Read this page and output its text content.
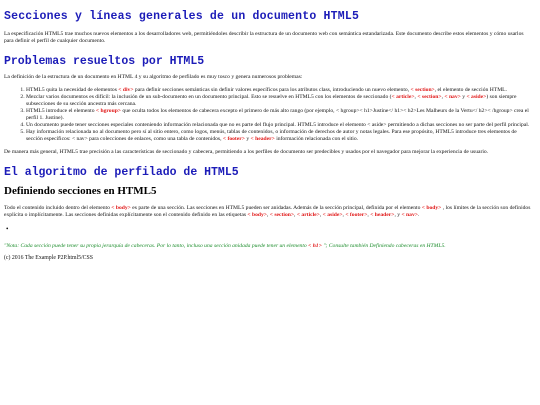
Secciones y líneas generales de un documento HTML5

La especificación HTML5 trae muchos nuevos elementos a los desarrolladores web, permitiéndoles describir la estructura de un documento web con semántica estandarizada. Este documento describe estos elementos y cómo usarlos para definir el perfil de cualquier documento.

Problemas resueltos por HTML5

La definición de la estructura de un documento en HTML 4 y su algoritmo de perfilado es muy tosco y genera numerosos problemas:

1. HTML5 quita la necesidad de elementos < div> para definir secciones semánticas sin definir valores específicos para los atributos class, introduciendo un nuevo elemento, < section>, el elemento de sección HTML.
2. Mezclar varios documentos es difícil: la inclusión de un sub-documento en un documento principal. Esto se resuelve en HTML5 con los elementos de seccionado (< article>, < section>, < nav> y < aside>) son siempre subsecciones de su sección ancestra más cercana.
3. HTML5 introduce el elemento < hgroup> que oculta todos los elementos de cabecera excepto el primero de más alto rango (por ejemplo, < hgroup>< h1>Justine</ h1>< h2>Les Malheurs de la Vertu</ h2>< /hgroup> crea el perfil 1. Justine).
4. Un documento puede tener secciones especiales conteniendo información relacionada que no es parte del flujo principal. HTML5 introduce el elemento < aside> permitiendo a dichas secciones no ser parte del perfil principal.
5. Hay información relacionada no al documento pero sí al sitio entero, como logos, menús, tablas de contenidos, o información de derechos de autor y notas legales. Para ese propósito, HTML5 introduce tres elementos de sección específicos: < nav> para colecciones de enlaces, como una tabla de contenidos, < footer> y < header> información relacionada con el sitio.

De manera más general, HTML5 trae precisión a las características de seccionado y cabecera, permitiendo a los perfiles de documento ser predecibles y usados por el navegador para mejorar la experiencia de usuario.

El algoritmo de perfilado de HTML5
Definiendo secciones en HTML5

Todo el contenido incluido dentro del elemento < body> es parte de una sección. Las secciones en HTML5 pueden ser anidadas. Además de la sección principal, definida por el elemento < body> , los límites de la sección son definidos explícita o implícitamente. Las secciones definidas explícitamente son el contenido definido en las etiquetas < body>, < section>, < article>, < aside>, < footer>, < header>, y < nav>.

•

"Nota: Cada sección puede tener su propia jerarquía de cabeceras. Por lo tanto, incluso una sección anidada puede tener un elemento < h1> "; Consulte también Definiendo cabeceras en HTML5.

(c) 2016 The Example P2P.html5/CSS
